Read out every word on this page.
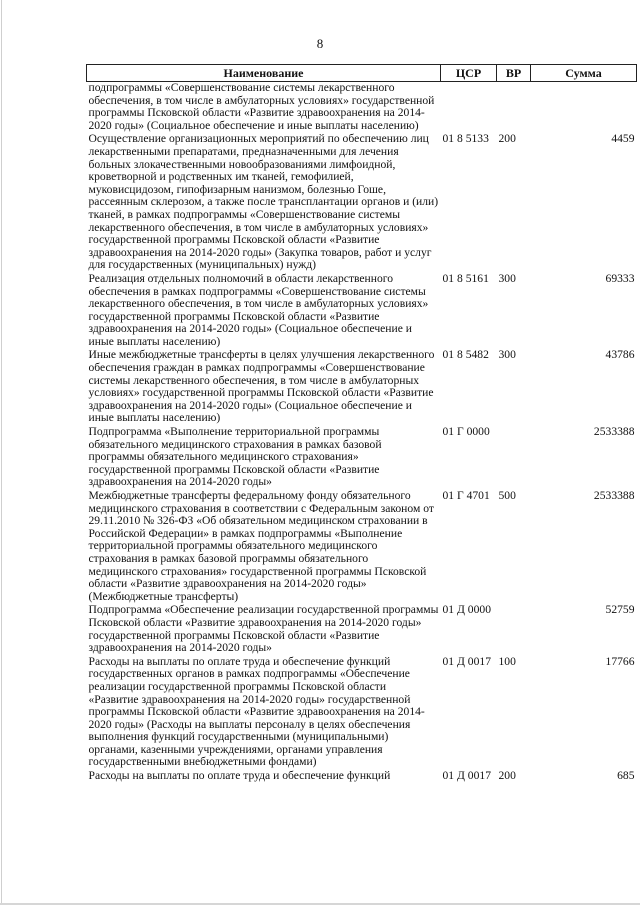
8
Наименование	ЦСР	ВР	Сумма
подпрограммы «Совершенствование системы лекарственного обеспечения, в том числе в амбулаторных условиях» государственной программы Псковской области «Развитие здравоохранения на 2014-2020 годы» (Социальное обеспечение и иные выплаты населению)			
Осуществление организационных мероприятий по обеспечению лиц лекарственными препаратами, предназначенными для лечения больных злокачественными новообразованиями лимфоидной, кроветворной и родственных им тканей, гемофилией, муковисцидозом, гипофизарным нанизмом, болезнью Гоше, рассеянным склерозом, а также после трансплантации органов и (или) тканей, в рамках подпрограммы «Совершенствование системы лекарственного обеспечения, в том числе в амбулаторных условиях» государственной программы Псковской области «Развитие здравоохранения на 2014-2020 годы» (Закупка товаров, работ и услуг для государственных (муниципальных) нужд)	01 8 5133	200	4459
Реализация отдельных полномочий в области лекарственного обеспечения в рамках подпрограммы «Совершенствование системы лекарственного обеспечения, в том числе в амбулаторных условиях» государственной программы Псковской области «Развитие здравоохранения на 2014-2020 годы» (Социальное обеспечение и иные выплаты населению)	01 8 5161	300	69333
Иные межбюджетные трансферты в целях улучшения лекарственного обеспечения граждан в рамках подпрограммы «Совершенствование системы лекарственного обеспечения, в том числе в амбулаторных условиях» государственной программы Псковской области «Развитие здравоохранения на 2014-2020 годы» (Социальное обеспечение и иные выплаты населению)	01 8 5482	300	43786
Подпрограмма «Выполнение территориальной программы обязательного медицинского страхования в рамках базовой программы обязательного медицинского страхования» государственной программы Псковской области «Развитие здравоохранения на 2014-2020 годы»	01 Г 0000		2533388
Межбюджетные трансферты федеральному фонду обязательного медицинского страхования в соответствии с Федеральным законом от 29.11.2010 № 326-ФЗ «Об обязательном медицинском страховании в Российской Федерации» в рамках подпрограммы «Выполнение территориальной программы обязательного медицинского страхования в рамках базовой программы обязательного медицинского страхования» государственной программы Псковской области «Развитие здравоохранения на 2014-2020 годы» (Межбюджетные трансферты)	01 Г 4701	500	2533388
Подпрограмма «Обеспечение реализации государственной программы Псковской области «Развитие здравоохранения на 2014-2020 годы» государственной программы Псковской области «Развитие здравоохранения на 2014-2020 годы»	01 Д 0000		52759
Расходы на выплаты по оплате труда и обеспечение функций государственных органов в рамках подпрограммы «Обеспечение реализации государственной программы Псковской области «Развитие здравоохранения на 2014-2020 годы» государственной программы Псковской области «Развитие здравоохранения на 2014-2020 годы» (Расходы на выплаты персоналу в целях обеспечения выполнения функций государственными (муниципальными) органами, казенными учреждениями, органами управления государственными внебюджетными фондами)	01 Д 0017	100	17766
Расходы на выплаты по оплате труда и обеспечение функций	01 Д 0017	200	685
